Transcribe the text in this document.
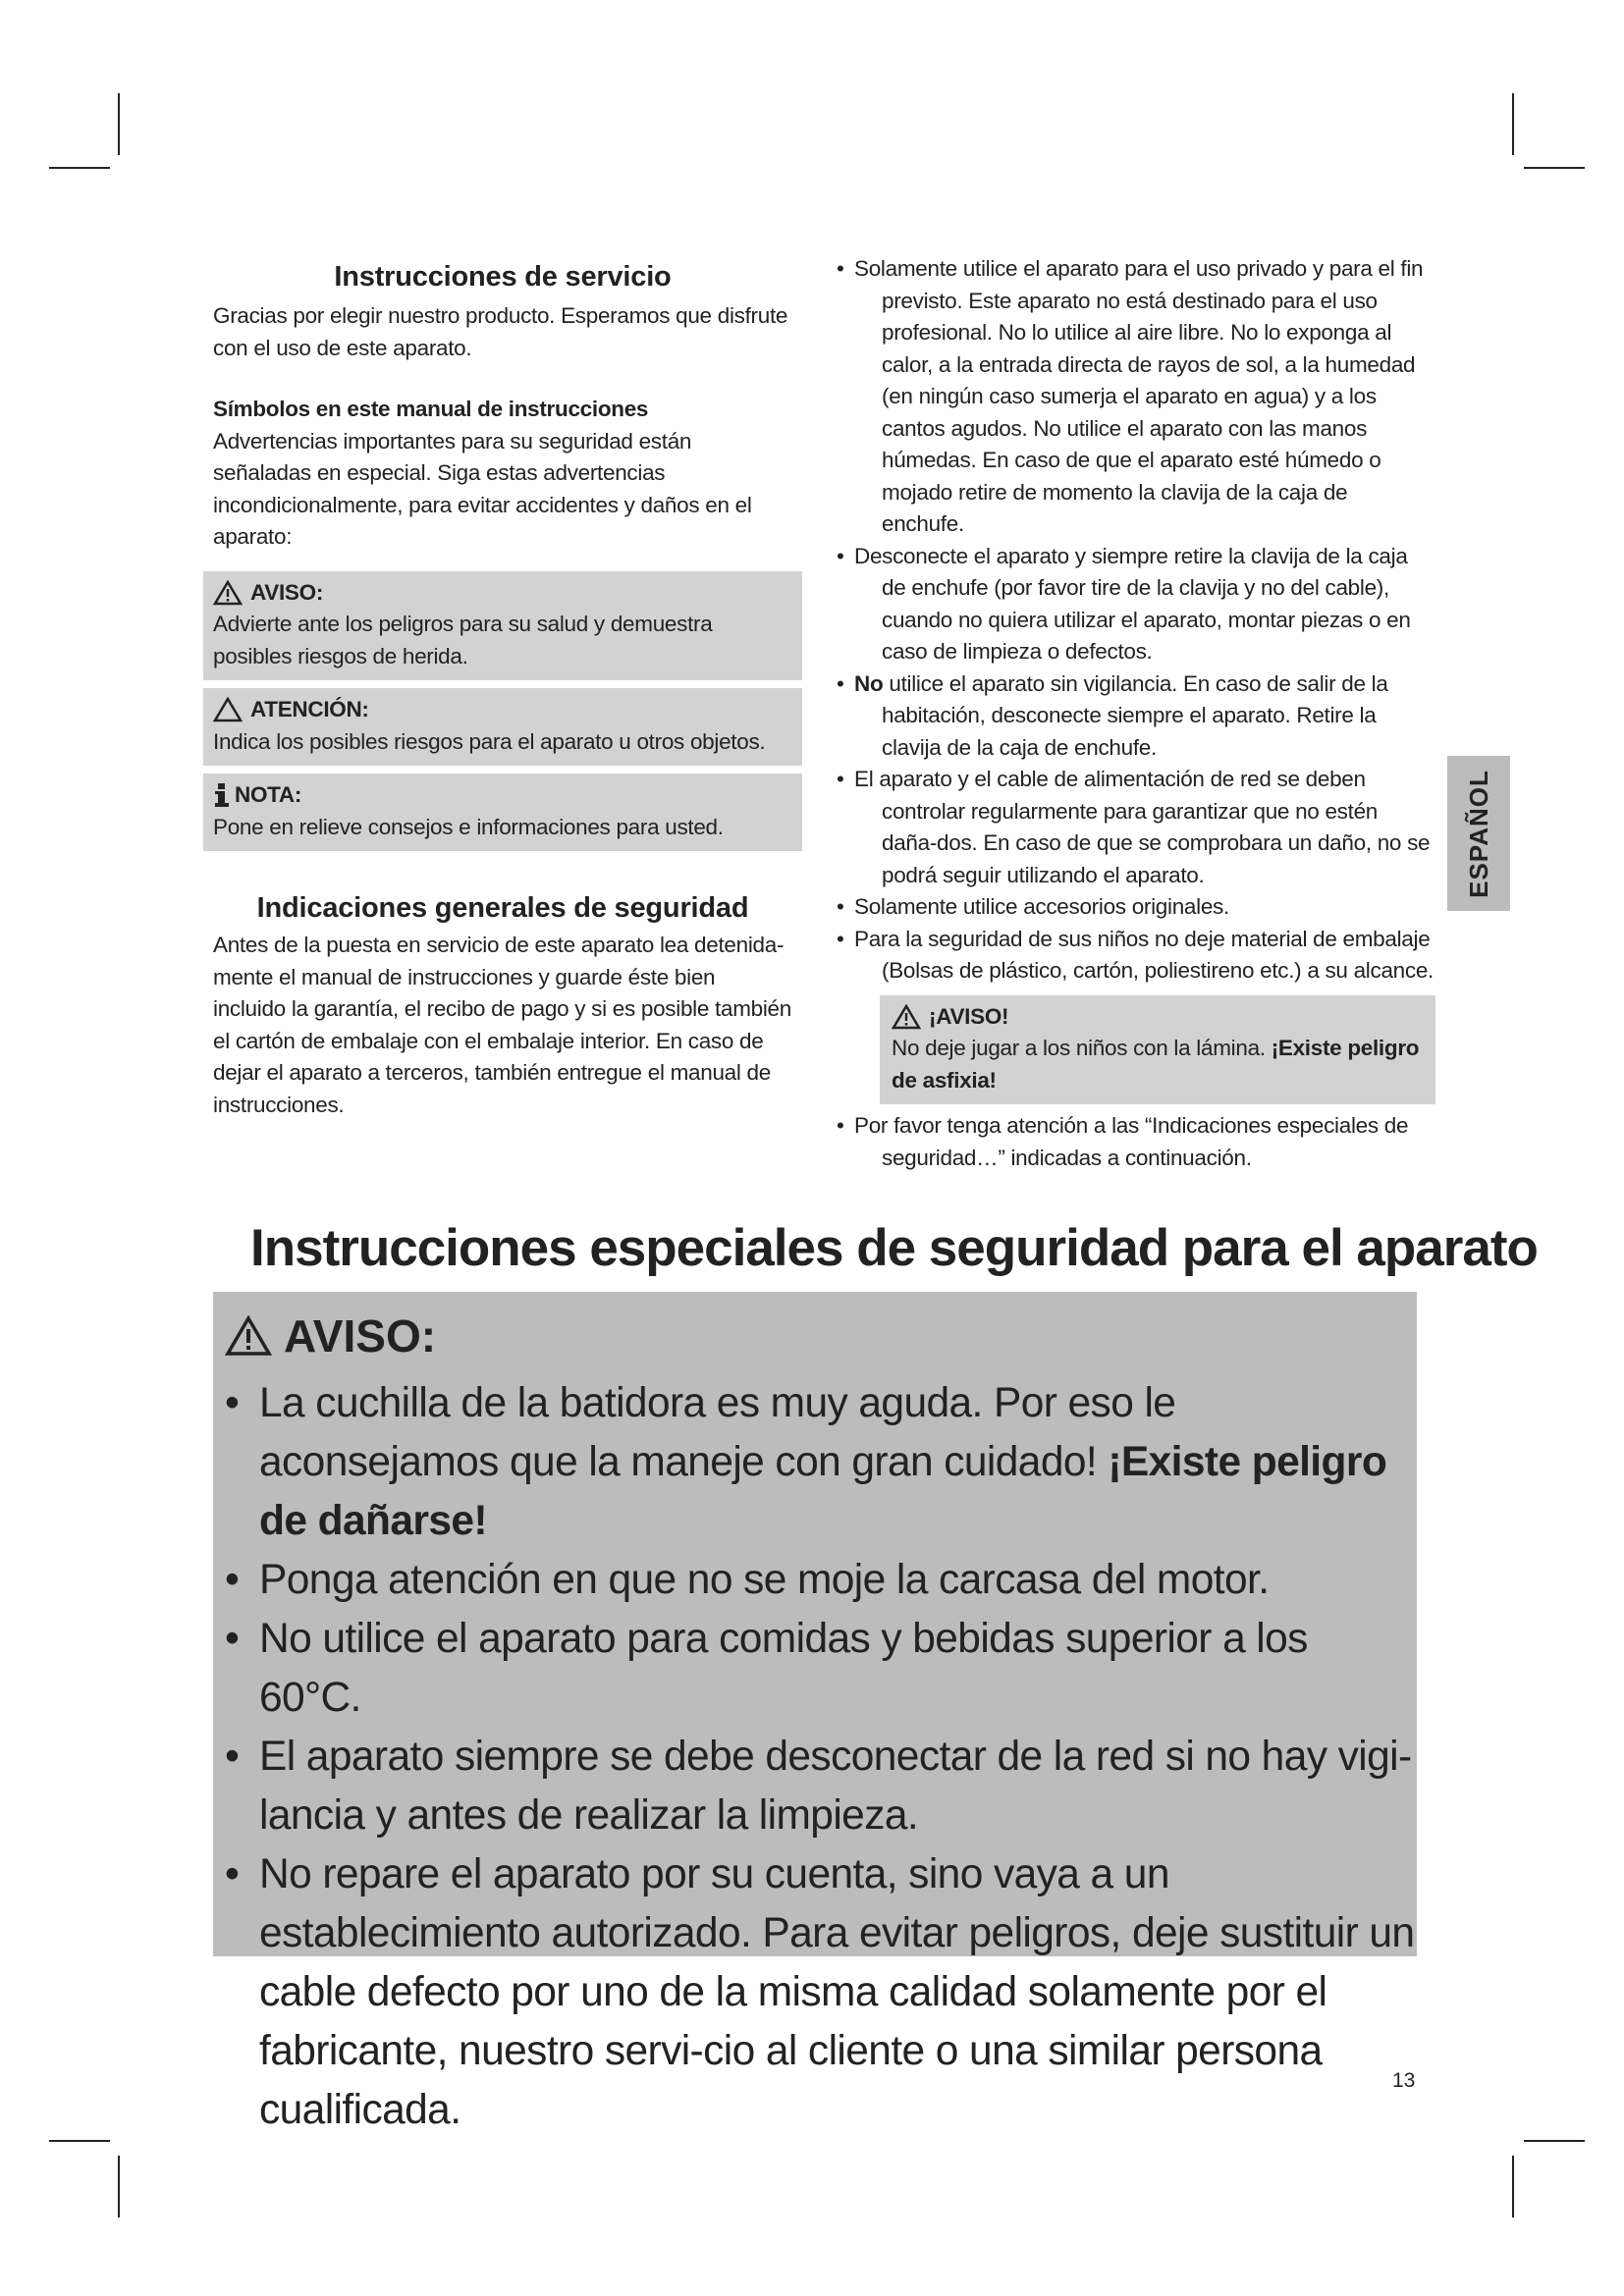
Instrucciones de servicio

Gracias por elegir nuestro producto. Esperamos que disfrute con el uso de este aparato.

Símbolos en este manual de instrucciones

Advertencias importantes para su seguridad están señaladas en especial. Siga estas advertencias incondicionalmente, para evitar accidentes y daños en el aparato:

AVISO:
Advierte ante los peligros para su salud y demuestra posibles riesgos de herida.
ATENCIÓN:
Indica los posibles riesgos para el aparato u otros objetos.
NOTA:
Pone en relieve consejos e informaciones para usted.
Indicaciones generales de seguridad

Antes de la puesta en servicio de este aparato lea detenida-mente el manual de instrucciones y guarde éste bien incluido la garantía, el recibo de pago y si es posible también el cartón de embalaje con el embalaje interior. En caso de dejar el aparato a terceros, también entregue el manual de instrucciones.

• Solamente utilice el aparato para el uso privado y para el fin previsto. Este aparato no está destinado para el uso profesional. No lo utilice al aire libre. No lo exponga al calor, a la entrada directa de rayos de sol, a la humedad (en ningún caso sumerja el aparato en agua) y a los cantos agudos. No utilice el aparato con las manos húmedas. En caso de que el aparato esté húmedo o mojado retire de momento la clavija de la caja de enchufe.
• Desconecte el aparato y siempre retire la clavija de la caja de enchufe (por favor tire de la clavija y no del cable), cuando no quiera utilizar el aparato, montar piezas o en caso de limpieza o defectos.
• No utilice el aparato sin vigilancia. En caso de salir de la habitación, desconecte siempre el aparato. Retire la clavija de la caja de enchufe.
• El aparato y el cable de alimentación de red se deben controlar regularmente para garantizar que no estén daña-dos. En caso de que se comprobara un daño, no se podrá seguir utilizando el aparato.
• Solamente utilice accesorios originales.
• Para la seguridad de sus niños no deje material de embalaje (Bolsas de plástico, cartón, poliestireno etc.) a su alcance.
¡AVISO!
No deje jugar a los niños con la lámina. ¡Existe peligro de asfixia!
• Por favor tenga atención a las “Indicaciones especiales de seguridad…” indicadas a continuación.
ESPAÑOL
Instrucciones especiales de seguridad para el aparato
AVISO:
• La cuchilla de la batidora es muy aguda. Por eso le aconsejamos que la maneje con gran cuidado! ¡Existe peligro de dañarse!
• Ponga atención en que no se moje la carcasa del motor.
• No utilice el aparato para comidas y bebidas superior a los 60°C.
• El aparato siempre se debe desconectar de la red si no hay vigi-lancia y antes de realizar la limpieza.
• No repare el aparato por su cuenta, sino vaya a un establecimiento autorizado. Para evitar peligros, deje sustituir un cable defecto por uno de la misma calidad solamente por el fabricante, nuestro servi-cio al cliente o una similar persona cualificada.
13
